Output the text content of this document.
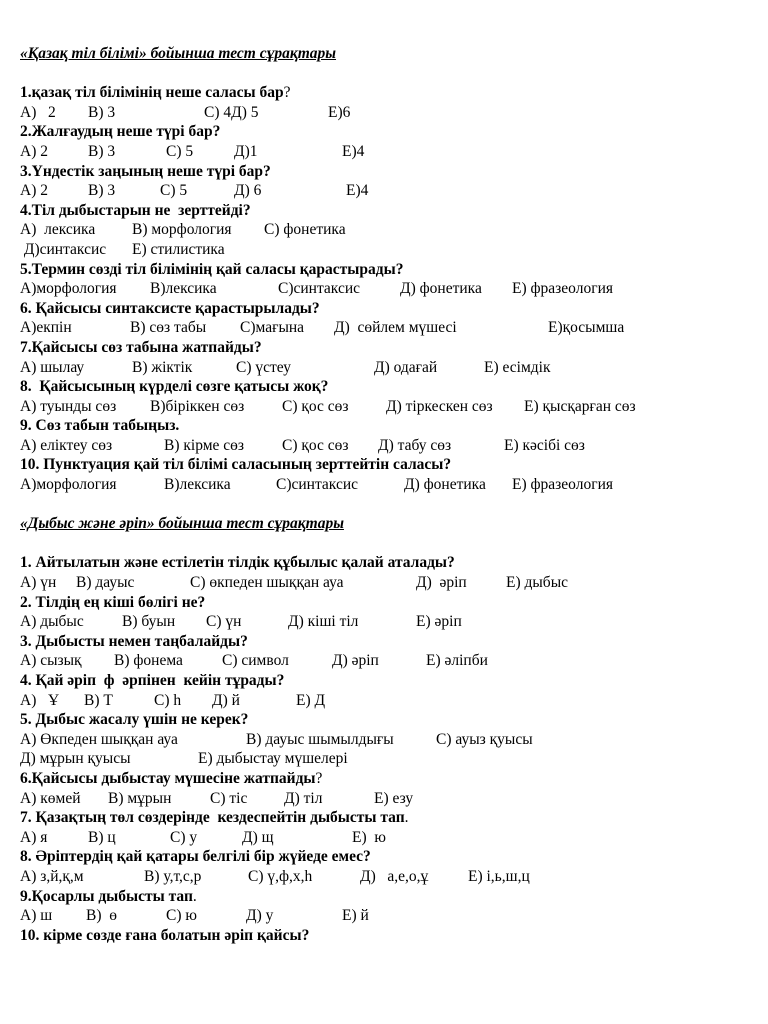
«Қазақ тіл білімі» бойынша тест сұрақтары
1.қазақ тіл білімінің неше саласы бар?
А)   2 В) 3	С) 4Д) 5	Е)6
2.Жалғаудың неше түрі бар?
А) 2	В) 3	С) 5	Д)1	Е)4
3.Үндестік заңының неше түрі бар?
А) 2	В) 3	С) 5	Д) 6	Е)4
4.Тіл дыбыстарын не  зерттейді?
А)  лексика В) морфология С) фонетика
Д)синтаксис Е) стилистика
5.Термин сөзді тіл білімінің қай саласы қарастырады?
А)морфология В)лексика	С)синтаксис	Д) фонетика Е) фразеология
6. Қайсысы синтаксисте қарастырылады?
А)екпін	В) сөз табы С)мағына Д)  сөйлем мүшесі	Е)қосымша
7.Қайсысы сөз табына жатпайды?
А) шылау	В) жіктік	С) үстеу	Д) одағай	Е) есімдік
8.  Қайсысының күрделі сөзге қатысы жоқ?
А) туынды сөз В)біріккен сөз С) қос сөз Д) тіркескен сөз Е) қысқарған сөз
9. Сөз табын табыңыз.
А) еліктеу сөз	В) кірме сөз С) қос сөз Д) табу сөз	Е) кәсібі сөз
10. Пунктуация қай тіл білімі саласының зерттейтін саласы?
А)морфология	В)лексика	С)синтаксис	Д) фонетика Е) фразеология
«Дыбыс және әріп» бойынша тест сұрақтары
1. Айтылатын және естілетін тілдік құбылыс қалай аталады?
А) үн В) дауыс	С) өкпеден шыққан ауа	Д)  әріп	Е) дыбыс
2. Тілдің ең кіші бөлігі не?
А) дыбыс В) буын С) үн	Д) кіші тіл	Е) әріп
3. Дыбысты немен таңбалайды?
А) сызық В) фонема	С) символ	Д) әріп	Е) әліпби
4. Қай әріп  ф  әрпінен  кейін тұрады?
А)   Ұ В) Т	С) һ Д) й	Е) Д
5. Дыбыс жасалу үшін не керек?
А) Өкпеден шыққан ауа	В) дауыс шымылдығы	С) ауыз қуысы
Д) мұрын қуысы	Е) дыбыстау мүшелері
6.Қайсысы дыбыстау мүшесіне жатпайды?
А) көмей В) мұрын С) тіс Д) тіл	Е) езу
7. Қазақтың төл сөздерінде  кездеспейтін дыбысты тап.
А) я	В) ц	С) у	Д) щ	Е)  ю
8. Әріптердің қай қатары белгілі бір жүйеде емес?
А) з,й,қ,м	В) у,т,с,р	С) ү,ф,х,һ	Д)   а,е,о,ұ	Е) і,ь,ш,ц
9.Қосарлы дыбысты тап.
А) ш В)  ө	С) ю	Д) у	Е) й
10. кірме сөзде ғана болатын әріп қайсы?
